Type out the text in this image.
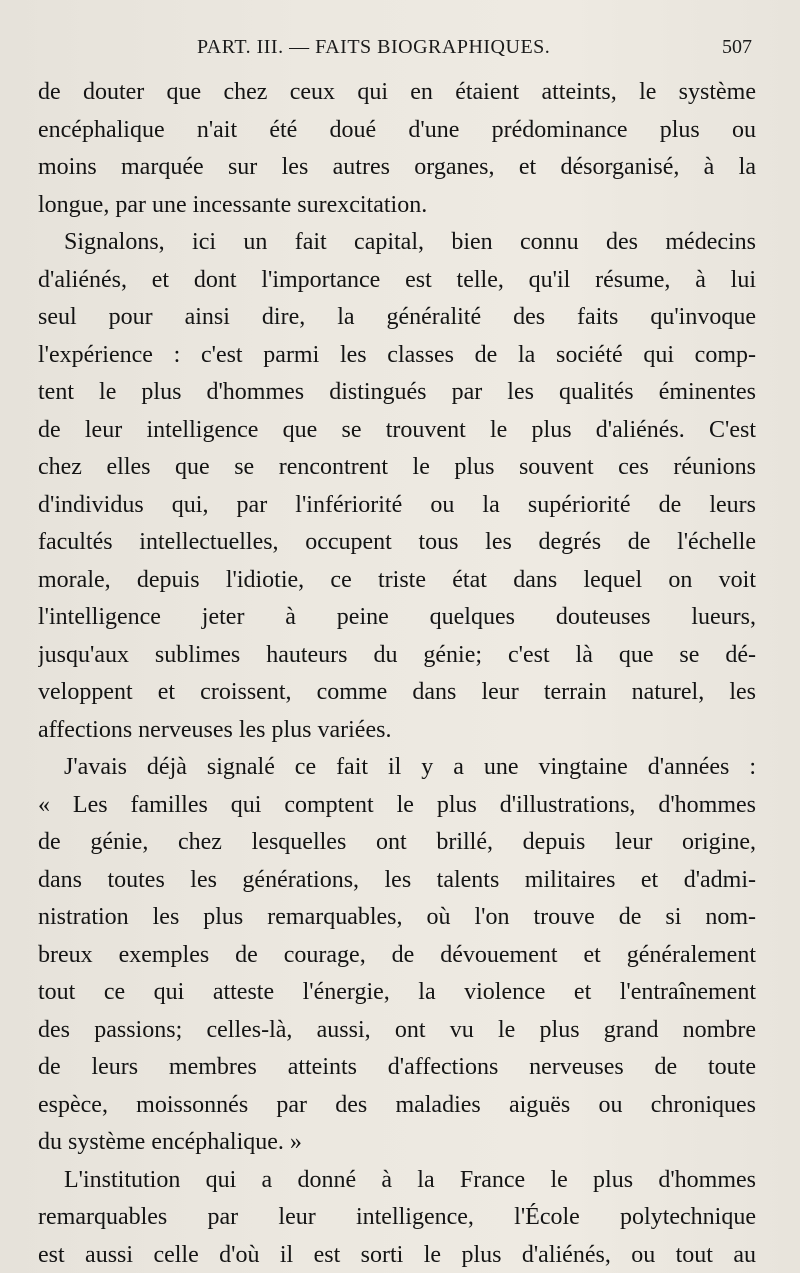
PART. III. — FAITS BIOGRAPHIQUES.	507
de douter que chez ceux qui en étaient atteints, le système
encéphalique n'ait été doué d'une prédominance plus ou
moins marquée sur les autres organes, et désorganisé, à la
longue, par une incessante surexcitation.
Signalons, ici un fait capital, bien connu des médecins
d'aliénés, et dont l'importance est telle, qu'il résume, à lui
seul pour ainsi dire, la généralité des faits qu'invoque
l'expérience : c'est parmi les classes de la société qui comp-
tent le plus d'hommes distingués par les qualités éminentes
de leur intelligence que se trouvent le plus d'aliénés. C'est
chez elles que se rencontrent le plus souvent ces réunions
d'individus qui, par l'infériorité ou la supériorité de leurs
facultés intellectuelles, occupent tous les degrés de l'échelle
morale, depuis l'idiotie, ce triste état dans lequel on voit
l'intelligence jeter à peine quelques douteuses lueurs,
jusqu'aux sublimes hauteurs du génie; c'est là que se dé-
veloppent et croissent, comme dans leur terrain naturel, les
affections nerveuses les plus variées.
J'avais déjà signalé ce fait il y a une vingtaine d'années :
« Les familles qui comptent le plus d'illustrations, d'hommes
de génie, chez lesquelles ont brillé, depuis leur origine,
dans toutes les générations, les talents militaires et d'admi-
nistration les plus remarquables, où l'on trouve de si nom-
breux exemples de courage, de dévouement et généralement
tout ce qui atteste l'énergie, la violence et l'entraînement
des passions; celles-là, aussi, ont vu le plus grand nombre
de leurs membres atteints d'affections nerveuses de toute
espèce, moissonnés par des maladies aiguës ou chroniques
du système encéphalique. »
L'institution qui a donné à la France le plus d'hommes
remarquables par leur intelligence, l'École polytechnique
est aussi celle d'où il est sorti le plus d'aliénés, ou tout au
